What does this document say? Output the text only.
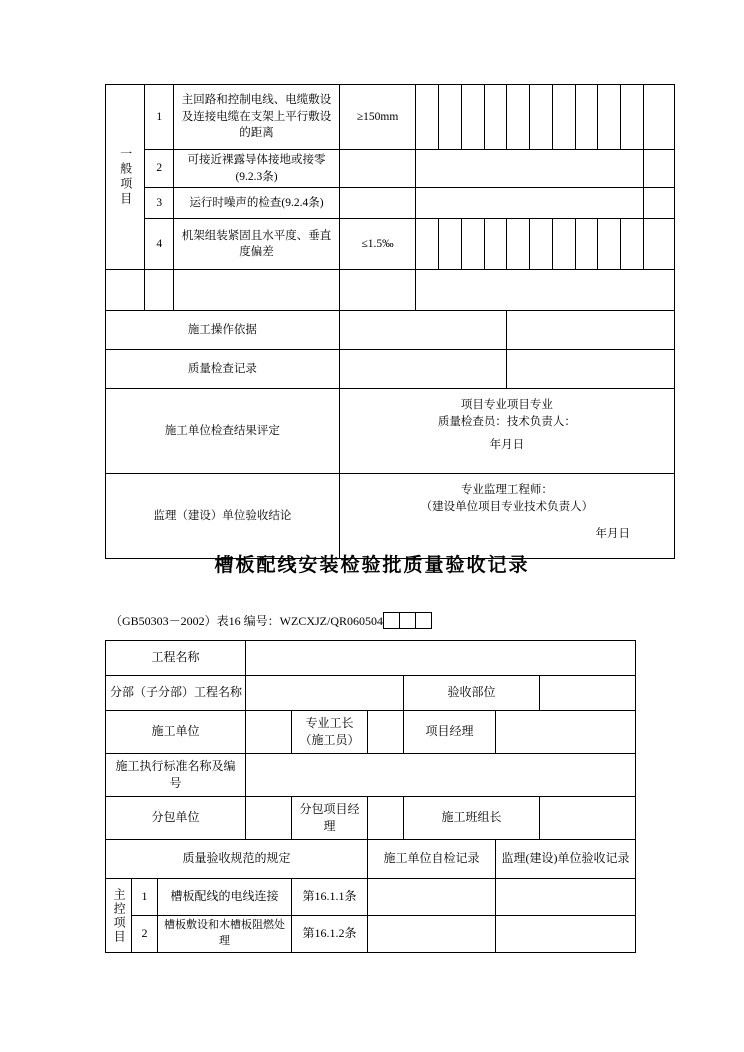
一般项目	1	主回路和控制电线、电缆敷设及连接电缆在支架上平行敷设的距离	≥150mm											
	2	可接近裸露导体接地或接零(9.2.3条)												
	3	运行时噪声的检查(9.2.4条)												
	4	机架组装紧固且水平度、垂直度偏差	≤1.5‰											

施工操作依据														
质量检查记录														

施工单位检查结果评定			项目专业项目专业
质量检查员：技术负责人：
年月日											

监理（建设）单位验收结论			专业监理工程师：
（建设单位项目专业技术负责人）
年月日											
槽板配线安装检验批质量验收记录
（GB50303－2002）表16 编号：WZCXJZ/QR060504
工程名称								
分部（子分部）工程名称						验收部位		
施工单位				专业工长（施工员）		项目经理		
施工执行标准名称及编号								
分包单位				分包项目经理		施工班组长		
质量验收规范的规定					施工单位自检记录		监理(建设)单位验收记录	

主控项目	1	槽板配线的电线连接		第16.1.1条				
	2	槽板敷设和木槽板阻燃处理		第16.1.2条				
